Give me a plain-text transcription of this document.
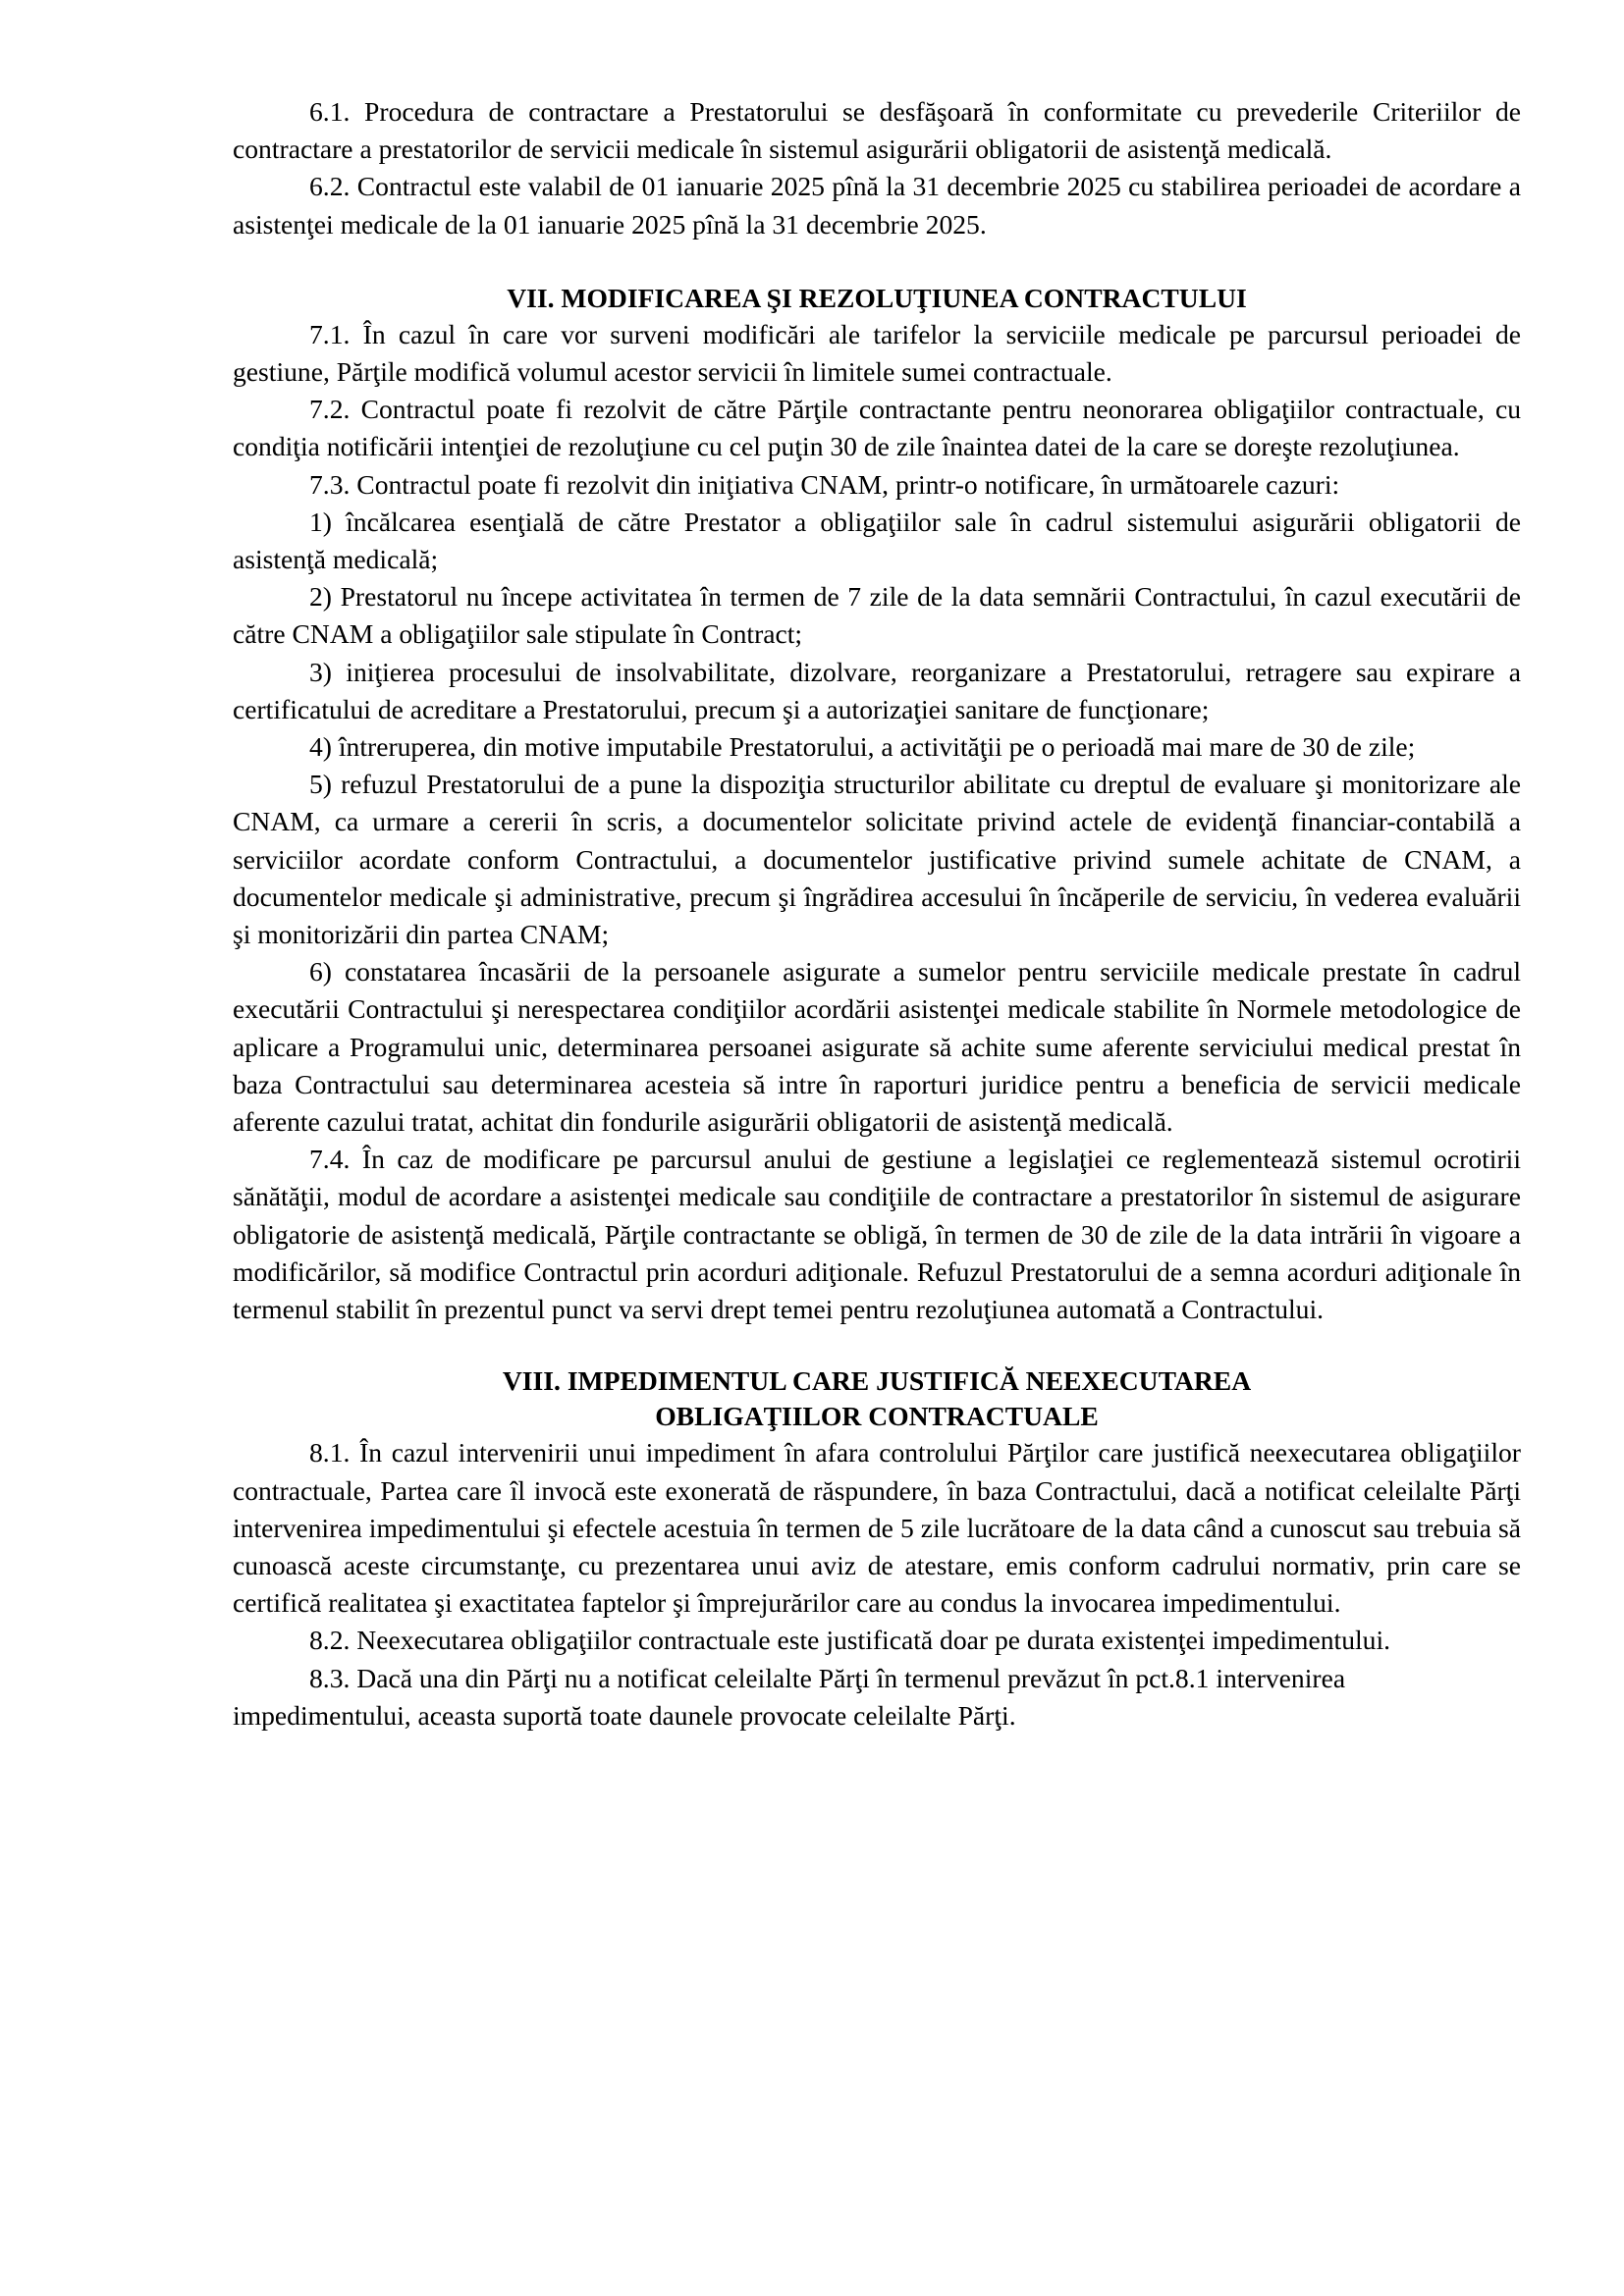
6.1. Procedura de contractare a Prestatorului se desfăşoară în conformitate cu prevederile Criteriilor de contractare a prestatorilor de servicii medicale în sistemul asigurării obligatorii de asistenţă medicală.

6.2. Contractul este valabil de 01 ianuarie 2025 pînă la 31 decembrie 2025 cu stabilirea perioadei de acordare a asistenţei medicale de la 01 ianuarie 2025 pînă la 31 decembrie 2025.

VII. MODIFICAREA ŞI REZOLUŢIUNEA CONTRACTULUI

7.1. În cazul în care vor surveni modificări ale tarifelor la serviciile medicale pe parcursul perioadei de gestiune, Părţile modifică volumul acestor servicii în limitele sumei contractuale.

7.2. Contractul poate fi rezolvit de către Părţile contractante pentru neonorarea obligaţiilor contractuale, cu condiţia notificării intenţiei de rezoluţiune cu cel puţin 30 de zile înaintea datei de la care se doreşte rezoluţiunea.

7.3. Contractul poate fi rezolvit din iniţiativa CNAM, printr-o notificare, în următoarele cazuri:

1) încălcarea esenţială de către Prestator a obligaţiilor sale în cadrul sistemului asigurării obligatorii de asistenţă medicală;

2) Prestatorul nu începe activitatea în termen de 7 zile de la data semnării Contractului, în cazul executării de către CNAM a obligaţiilor sale stipulate în Contract;

3) iniţierea procesului de insolvabilitate, dizolvare, reorganizare a Prestatorului, retragere sau expirare a certificatului de acreditare a Prestatorului, precum şi a autorizaţiei sanitare de funcţionare;

4) întreruperea, din motive imputabile Prestatorului, a activităţii pe o perioadă mai mare de 30 de zile;

5) refuzul Prestatorului de a pune la dispoziţia structurilor abilitate cu dreptul de evaluare şi monitorizare ale CNAM, ca urmare a cererii în scris, a documentelor solicitate privind actele de evidenţă financiar-contabilă a serviciilor acordate conform Contractului, a documentelor justificative privind sumele achitate de CNAM, a documentelor medicale şi administrative, precum şi îngrădirea accesului în încăperile de serviciu, în vederea evaluării şi monitorizării din partea CNAM;

6) constatarea încasării de la persoanele asigurate a sumelor pentru serviciile medicale prestate în cadrul executării Contractului şi nerespectarea condiţiilor acordării asistenţei medicale stabilite în Normele metodologice de aplicare a Programului unic, determinarea persoanei asigurate să achite sume aferente serviciului medical prestat în baza Contractului sau determinarea acesteia să intre în raporturi juridice pentru a beneficia de servicii medicale aferente cazului tratat, achitat din fondurile asigurării obligatorii de asistenţă medicală.

7.4. În caz de modificare pe parcursul anului de gestiune a legislaţiei ce reglementează sistemul ocrotirii sănătăţii, modul de acordare a asistenţei medicale sau condiţiile de contractare a prestatorilor în sistemul de asigurare obligatorie de asistenţă medicală, Părţile contractante se obligă, în termen de 30 de zile de la data intrării în vigoare a modificărilor, să modifice Contractul prin acorduri adiţionale. Refuzul Prestatorului de a semna acorduri adiţionale în termenul stabilit în prezentul punct va servi drept temei pentru rezoluţiunea automată a Contractului.

VIII. IMPEDIMENTUL CARE JUSTIFICĂ NEEXECUTAREA

OBLIGAŢIILOR CONTRACTUALE

8.1. În cazul intervenirii unui impediment în afara controlului Părţilor care justifică neexecutarea obligaţiilor contractuale, Partea care îl invocă este exonerată de răspundere, în baza Contractului, dacă a notificat celeilalte Părţi intervenirea impedimentului şi efectele acestuia în termen de 5 zile lucrătoare de la data când a cunoscut sau trebuia să cunoască aceste circumstanţe, cu prezentarea unui aviz de atestare, emis conform cadrului normativ, prin care se certifică realitatea şi exactitatea faptelor şi împrejurărilor care au condus la invocarea impedimentului.

8.2. Neexecutarea obligaţiilor contractuale este justificată doar pe durata existenţei impedimentului.

8.3. Dacă una din Părţi nu a notificat celeilalte Părţi în termenul prevăzut în pct.8.1 intervenirea impedimentului, aceasta suportă toate daunele provocate celeilalte Părţi.
